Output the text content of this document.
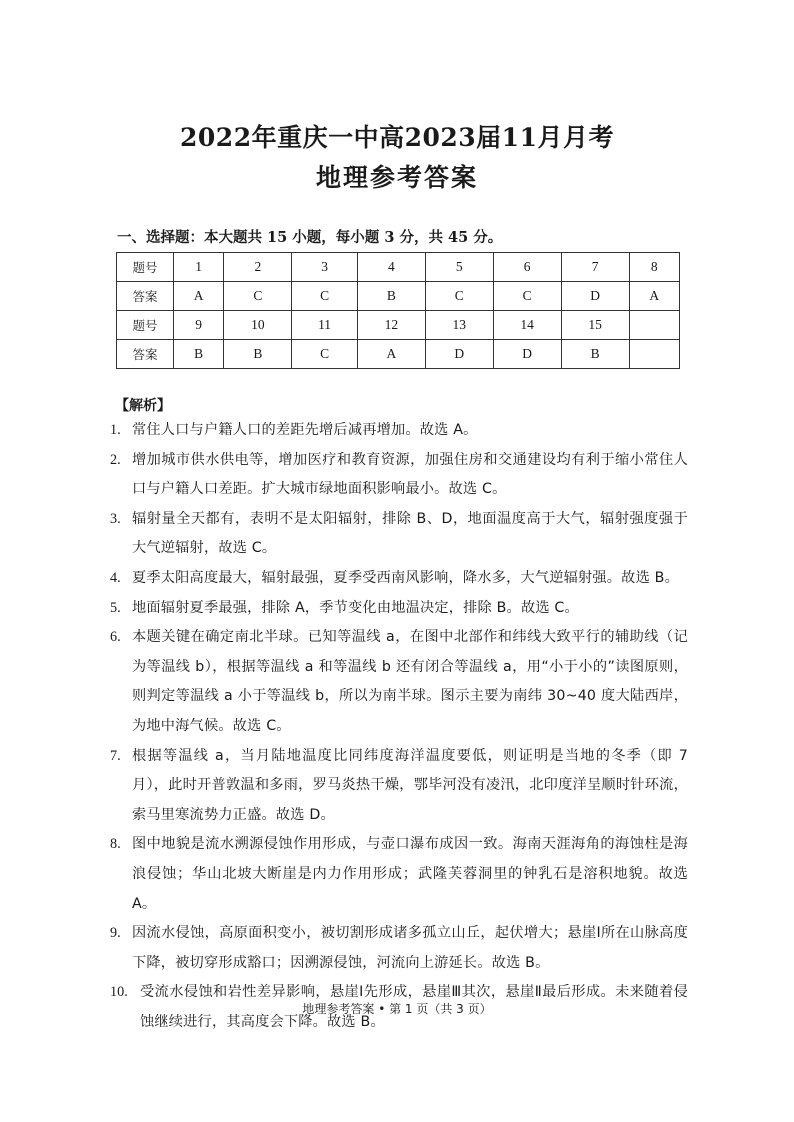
2022年重庆一中高2023届11月月考
地理参考答案
一、选择题：本大题共 15 小题，每小题 3 分，共 45 分。
题号	1	2	3	4	5	6	7	8
答案	A	C	C	B	C	C	D	A
题号	9	10	11	12	13	14	15	
答案	B	B	C	A	D	D	B	
【解析】
1. 常住人口与户籍人口的差距先增后减再增加。故选 A。
2. 增加城市供水供电等，增加医疗和教育资源，加强住房和交通建设均有利于缩小常住人口与户籍人口差距。扩大城市绿地面积影响最小。故选 C。
3. 辐射量全天都有，表明不是太阳辐射，排除 B、D，地面温度高于大气，辐射强度强于大气逆辐射，故选 C。
4. 夏季太阳高度最大，辐射最强，夏季受西南风影响，降水多，大气逆辐射强。故选 B。
5. 地面辐射夏季最强，排除 A，季节变化由地温决定，排除 B。故选 C。
6. 本题关键在确定南北半球。已知等温线 a，在图中北部作和纬线大致平行的辅助线（记为等温线 b），根据等温线 a 和等温线 b 还有闭合等温线 a，用“小于小的”读图原则，则判定等温线 a 小于等温线 b，所以为南半球。图示主要为南纬 30~40 度大陆西岸，为地中海气候。故选 C。
7. 根据等温线 a，当月陆地温度比同纬度海洋温度要低，则证明是当地的冬季（即 7 月），此时开普敦温和多雨，罗马炎热干燥，鄂毕河没有凌汛，北印度洋呈顺时针环流，索马里寒流势力正盛。故选 D。
8. 图中地貌是流水溯源侵蚀作用形成，与壶口瀑布成因一致。海南天涯海角的海蚀柱是海浪侵蚀；华山北坡大断崖是内力作用形成；武隆芙蓉洞里的钟乳石是溶积地貌。故选 A。
9. 因流水侵蚀，高原面积变小，被切割形成诸多孤立山丘，起伏增大；悬崖Ⅰ所在山脉高度下降，被切穿形成豁口；因溯源侵蚀，河流向上游延长。故选 B。
10. 受流水侵蚀和岩性差异影响，悬崖Ⅰ先形成，悬崖Ⅲ其次，悬崖Ⅱ最后形成。未来随着侵蚀继续进行，其高度会下降。故选 B。
地理参考答案 • 第 1 页（共 3 页）
